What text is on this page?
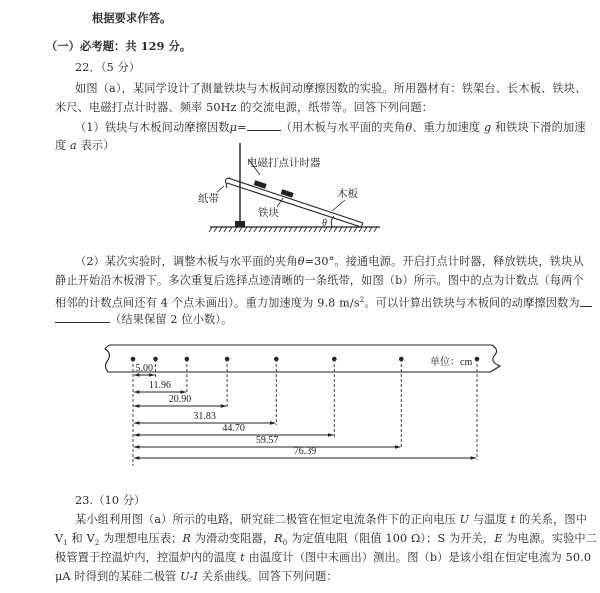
根据要求作答。
（一）必考题：共 129 分。
22．（5 分）
如图（a），某同学设计了测量铁块与木板间动摩擦因数的实验。所用器材有：铁架台、长木板、铁块、
米尺、电磁打点计时器、频率 50Hz 的交流电源，纸带等。回答下列问题：
（1）铁块与木板间动摩擦因数μ=	（用木板与水平面的夹角θ、重力加速度 g 和铁块下滑的加速
度 a 表示）
电磁打点计时器
纸带
铁块
木板
θ
（2）某次实验时，调整木板与水平面的夹角θ=30°。接通电源。开启打点计时器，释放铁块，铁块从
静止开始沿木板滑下。多次重复后选择点迹清晰的一条纸带，如图（b）所示。图中的点为计数点（每两个
相邻的计数点间还有 4 个点未画出）。重力加速度为 9.8 $m/s^2$。可以计算出铁块与木板间的动摩擦因数为
（结果保留 2 位小数）。
单位：cm
5.00
11.96
20.90
31.83
44.70
59.57
76.39
23.（10 分）
某小组利用图（a）所示的电路，研究硅二极管在恒定电流条件下的正向电压 U 与温度 t 的关系，图中
$V_1$ 和 $V_2$ 为理想电压表；R 为滑动变阻器，$R_0$ 为定值电阻（阻值 100 Ω）；S 为开关，E 为电源。实验中二
极管置于控温炉内，控温炉内的温度 t 由温度计（图中未画出）测出。图（b）是该小组在恒定电流为 50.0
μA 时得到的某硅二极管 U-I 关系曲线。回答下列问题：
